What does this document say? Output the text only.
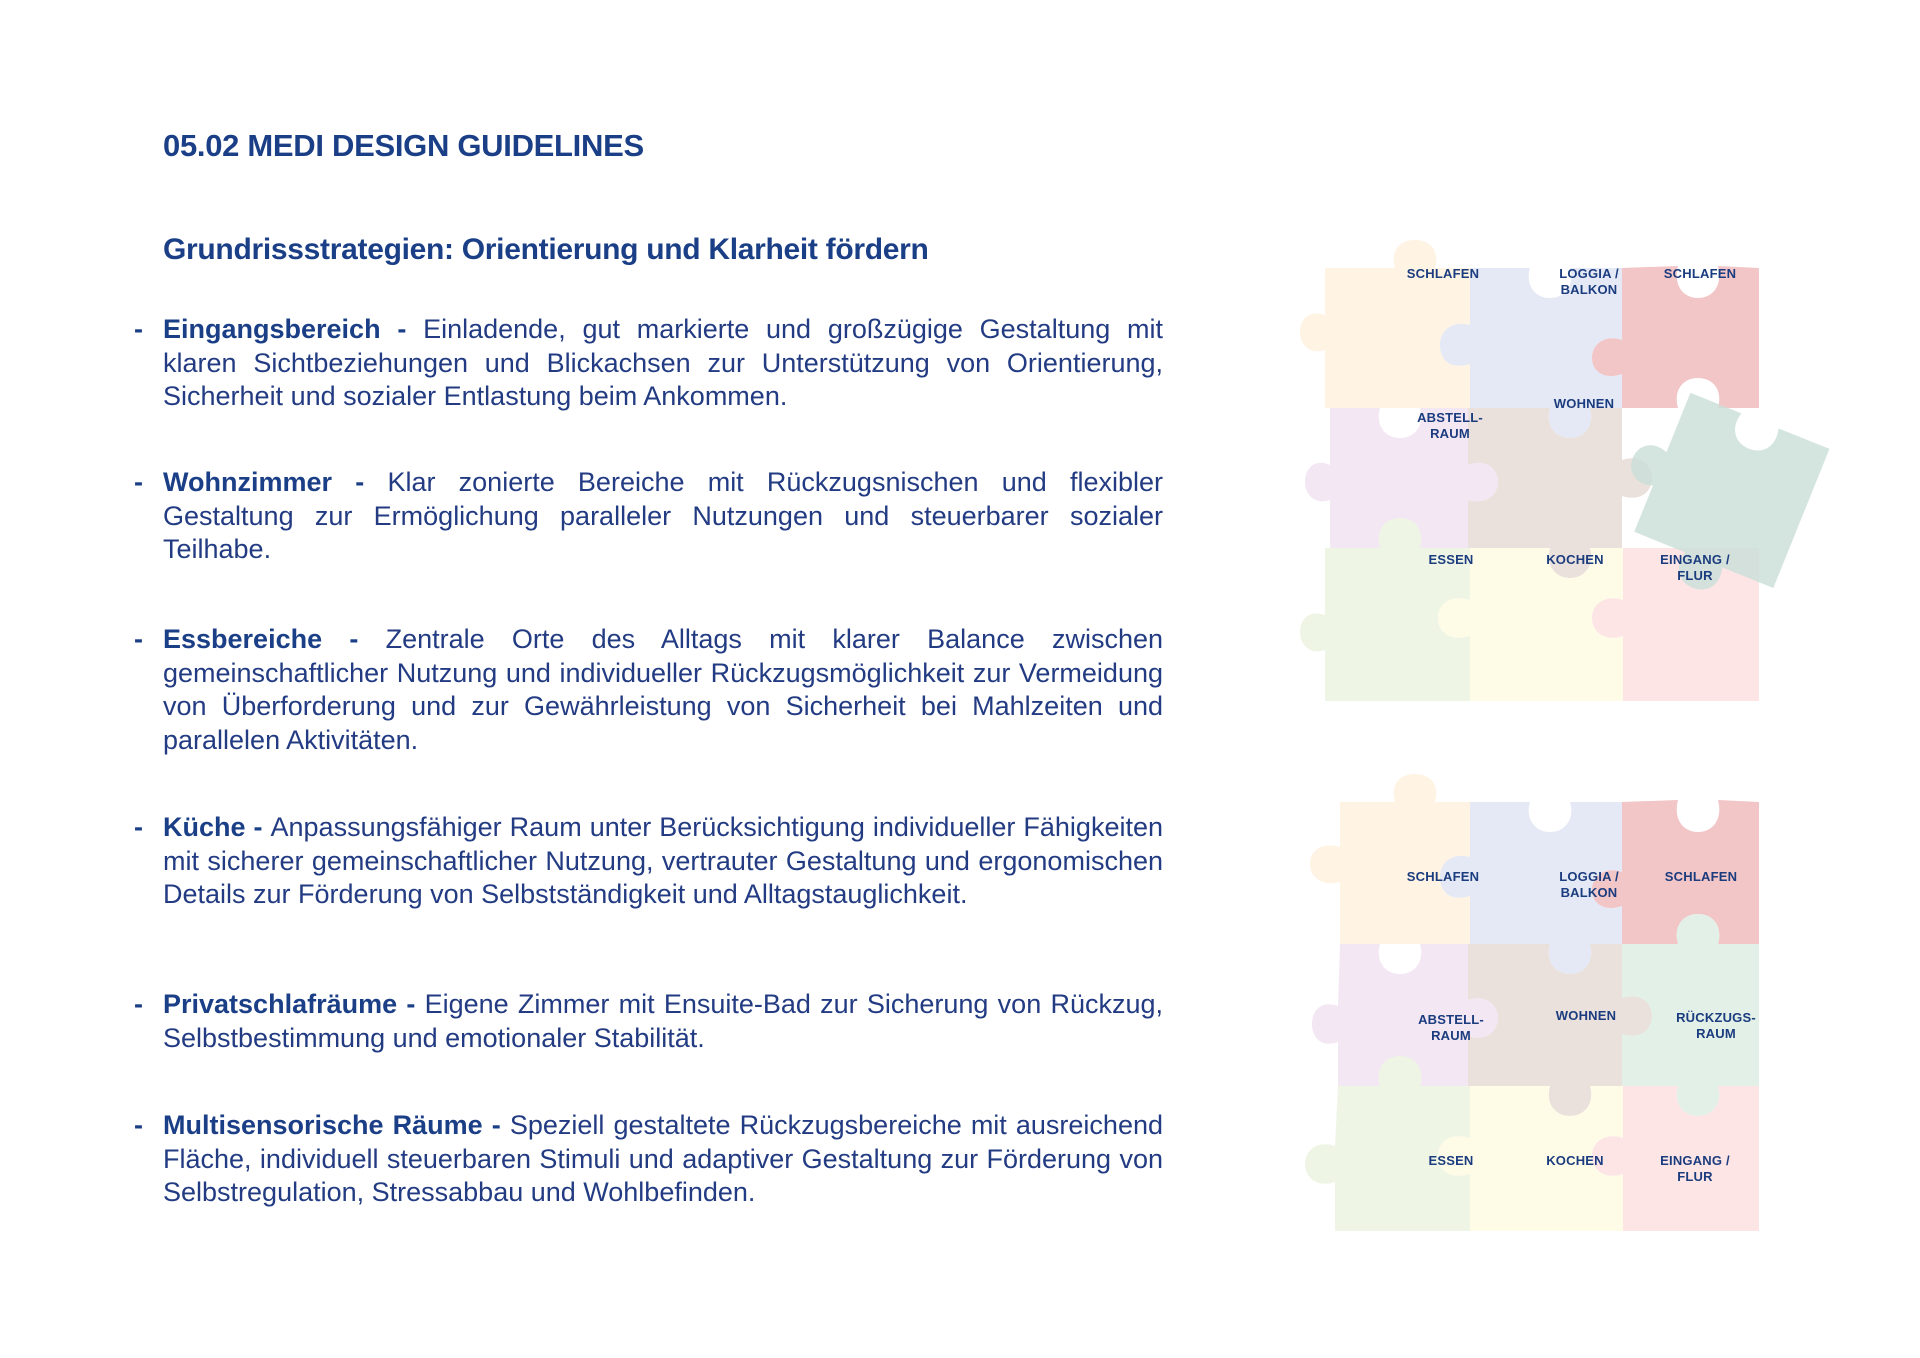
05.02 MEDI DESIGN GUIDELINES
Grundrissstrategien: Orientierung und Klarheit fördern
- Eingangsbereich - Einladende, gut markierte und großzügige Gestaltung mit klaren Sichtbeziehungen und Blickachsen zur Unterstützung von Orientierung, Sicherheit und sozialer Entlastung beim Ankommen.
- Wohnzimmer - Klar zonierte Bereiche mit Rückzugsnischen und flexibler Gestaltung zur Ermöglichung paralleler Nutzungen und steuerbarer sozialer Teilhabe.
- Essbereiche - Zentrale Orte des Alltags mit klarer Balance zwischen gemeinschaftlicher Nutzung und individueller Rückzugsmöglichkeit zur Vermeidung von Überforderung und zur Gewährleistung von Sicherheit bei Mahlzeiten und parallelen Aktivitäten.
- Küche - Anpassungsfähiger Raum unter Berücksichtigung individueller Fähigkeiten mit sicherer gemeinschaftlicher Nutzung, vertrauter Gestaltung und ergonomischen Details zur Förderung von Selbstständigkeit und Alltagstauglichkeit.
- Privatschlafräume - Eigene Zimmer mit Ensuite-Bad zur Sicherung von Rückzug, Selbstbestimmung und emotionaler Stabilität.
- Multisensorische Räume - Speziell gestaltete Rückzugsbereiche mit ausreichend Fläche, individuell steuerbaren Stimuli und adaptiver Gestaltung zur Förderung von Selbstregulation, Stressabbau und Wohlbefinden.
SCHLAFEN	LOGGIA /
BALKON
SCHLAFEN
ABSTELL-
RAUM
WOHNEN
ESSEN	KOCHEN	EINGANG /
FLUR
SCHLAFEN	LOGGIA /
BALKON
SCHLAFEN
ABSTELL-
RAUM
WOHNEN	RÜCKZUGS-
RAUM
ESSEN	KOCHEN	EINGANG /
FLUR
